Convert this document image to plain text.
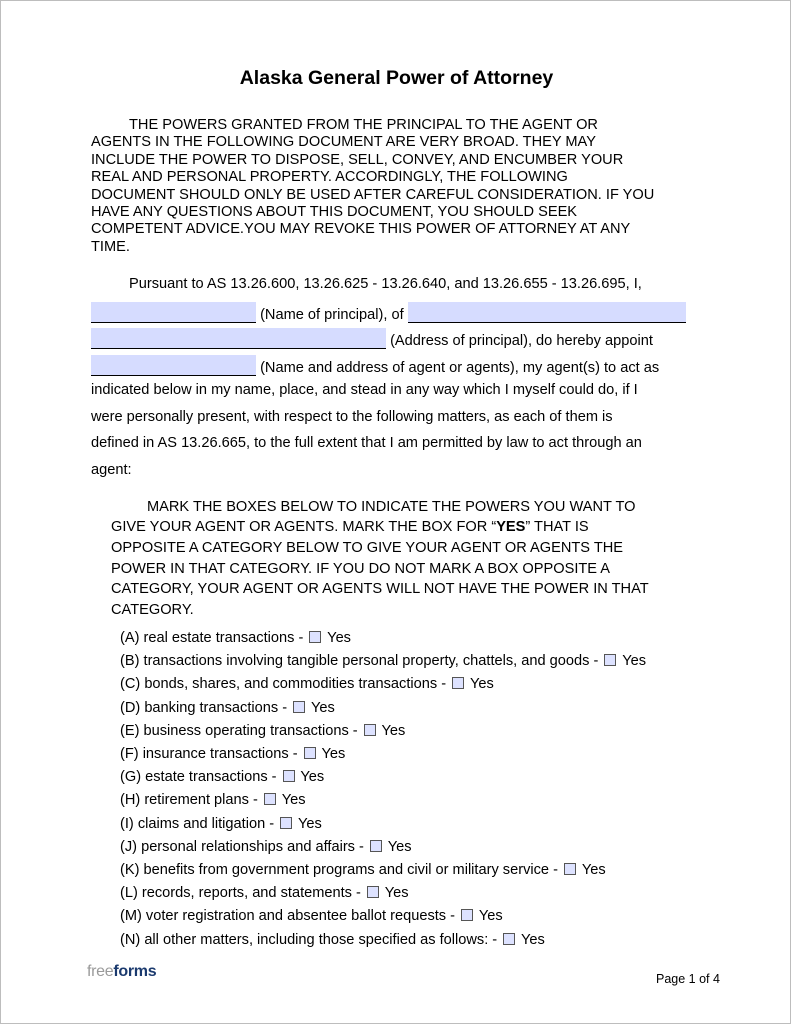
Alaska General Power of Attorney
THE POWERS GRANTED FROM THE PRINCIPAL TO THE AGENT OR
AGENTS IN THE FOLLOWING DOCUMENT ARE VERY BROAD. THEY MAY
INCLUDE THE POWER TO DISPOSE, SELL, CONVEY, AND ENCUMBER YOUR
REAL AND PERSONAL PROPERTY. ACCORDINGLY, THE FOLLOWING
DOCUMENT SHOULD ONLY BE USED AFTER CAREFUL CONSIDERATION. IF YOU
HAVE ANY QUESTIONS ABOUT THIS DOCUMENT, YOU SHOULD SEEK
COMPETENT ADVICE.YOU MAY REVOKE THIS POWER OF ATTORNEY AT ANY
TIME.
Pursuant to AS 13.26.600, 13.26.625 - 13.26.640, and 13.26.655 - 13.26.695, I,
(Name of principal), of
(Address of principal), do hereby appoint
(Name and address of agent or agents), my agent(s) to act as
indicated below in my name, place, and stead in any way which I myself could do, if I
were personally present, with respect to the following matters, as each of them is
defined in AS 13.26.665, to the full extent that I am permitted by law to act through an
agent:
MARK THE BOXES BELOW TO INDICATE THE POWERS YOU WANT TO
GIVE YOUR AGENT OR AGENTS. MARK THE BOX FOR “YES” THAT IS
OPPOSITE A CATEGORY BELOW TO GIVE YOUR AGENT OR AGENTS THE
POWER IN THAT CATEGORY. IF YOU DO NOT MARK A BOX OPPOSITE A
CATEGORY, YOUR AGENT OR AGENTS WILL NOT HAVE THE POWER IN THAT
CATEGORY.
(A) real estate transactions - Yes
(B) transactions involving tangible personal property, chattels, and goods - Yes
(C) bonds, shares, and commodities transactions - Yes
(D) banking transactions - Yes
(E) business operating transactions - Yes
(F) insurance transactions - Yes
(G) estate transactions - Yes
(H) retirement plans - Yes
(I) claims and litigation - Yes
(J) personal relationships and affairs - Yes
(K) benefits from government programs and civil or military service - Yes
(L) records, reports, and statements - Yes
(M) voter registration and absentee ballot requests - Yes
(N) all other matters, including those specified as follows: - Yes
freeforms	Page 1 of 4
